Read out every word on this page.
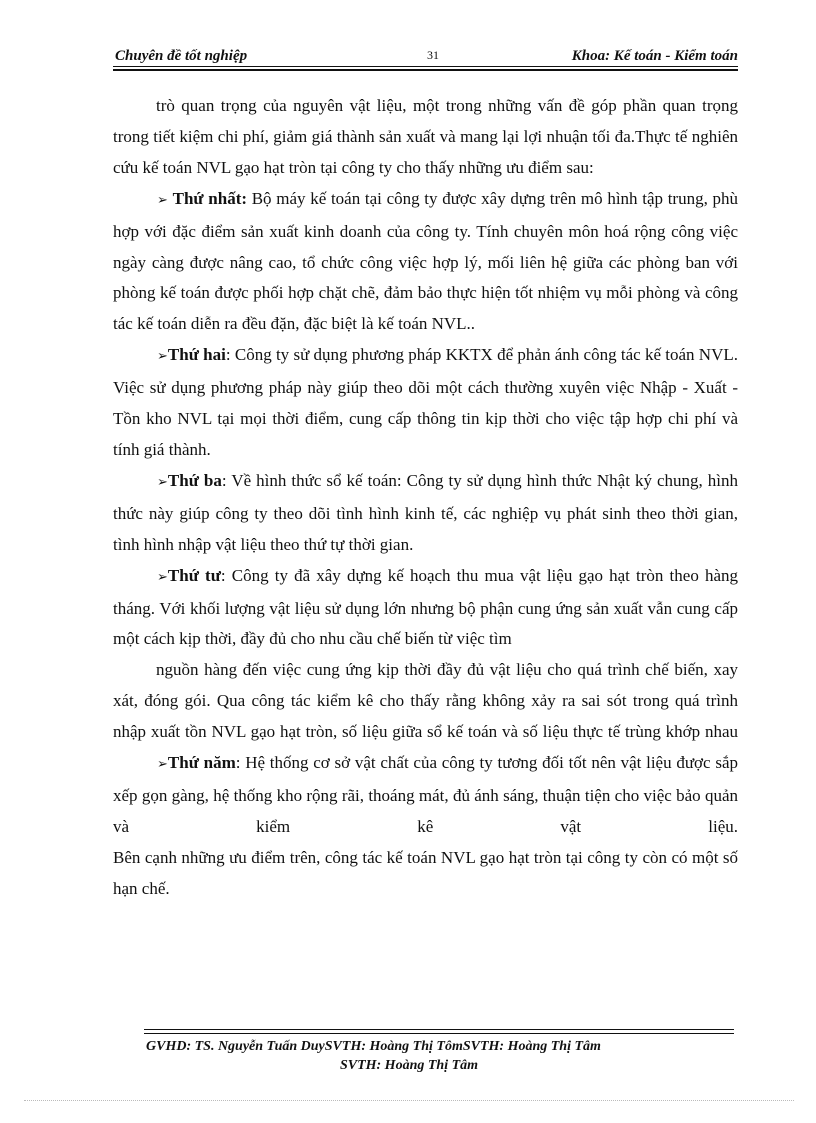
Chuyên đề tốt nghiệp	31	Khoa: Kế toán - Kiểm toán

trò quan trọng của nguyên vật liệu, một trong những vấn đề góp phần quan trọng trong tiết kiệm chi phí, giảm giá thành sản xuất và mang lại lợi nhuận tối đa.Thực tế nghiên cứu kế toán NVL gạo hạt tròn tại công ty cho thấy những ưu điểm sau:

➢ Thứ nhất: Bộ máy kế toán tại công ty được xây dựng trên mô hình tập trung, phù hợp với đặc điểm sản xuất kinh doanh của công ty. Tính chuyên môn hoá rộng công việc ngày càng được nâng cao, tổ chức công việc hợp lý, mối liên hệ giữa các phòng ban với phòng kế toán được phối hợp chặt chẽ, đảm bảo thực hiện tốt nhiệm vụ mỗi phòng và công tác kế toán diễn ra đều đặn, đặc biệt là kế toán NVL..

➢Thứ hai: Công ty sử dụng phương pháp KKTX để phản ánh công tác kế toán NVL. Việc sử dụng phương pháp này giúp theo dõi một cách thường xuyên việc Nhập - Xuất - Tồn kho NVL tại mọi thời điểm, cung cấp thông tin kịp thời cho việc tập hợp chi phí và tính giá thành.

➢Thứ ba: Về hình thức sổ kế toán: Công ty sử dụng hình thức Nhật ký chung, hình thức này giúp công ty theo dõi tình hình kinh tế, các nghiệp vụ phát sinh theo thời gian, tình hình nhập vật liệu theo thứ tự thời gian.

➢Thứ tư: Công ty đã xây dựng kế hoạch thu mua vật liệu gạo hạt tròn theo hàng tháng. Với khối lượng vật liệu sử dụng lớn nhưng bộ phận cung ứng sản xuất vẫn cung cấp một cách kịp thời, đầy đủ cho nhu cầu chế biến từ việc tìm

nguồn hàng đến việc cung ứng kịp thời đầy đủ vật liệu cho quá trình chế biến, xay xát, đóng gói. Qua công tác kiểm kê cho thấy rằng không xảy ra sai sót trong quá trình nhập xuất tồn NVL gạo hạt tròn, số liệu giữa sổ kế toán và số liệu thực tế trùng khớp nhau

➢Thứ năm: Hệ thống cơ sở vật chất của công ty tương đối tốt nên vật liệu được sắp xếp gọn gàng, hệ thống kho rộng rãi, thoáng mát, đủ ánh sáng, thuận tiện cho việc bảo quản và kiểm kê vật liệu.

Bên cạnh những ưu điểm trên, công tác kế toán NVL gạo hạt tròn tại công ty còn có một số hạn chế.

GVHD: TS. Nguyễn Tuấn DuySVTH: Hoàng Thị TômSVTH: Hoàng Thị Tâm
SVTH: Hoàng Thị Tâm
